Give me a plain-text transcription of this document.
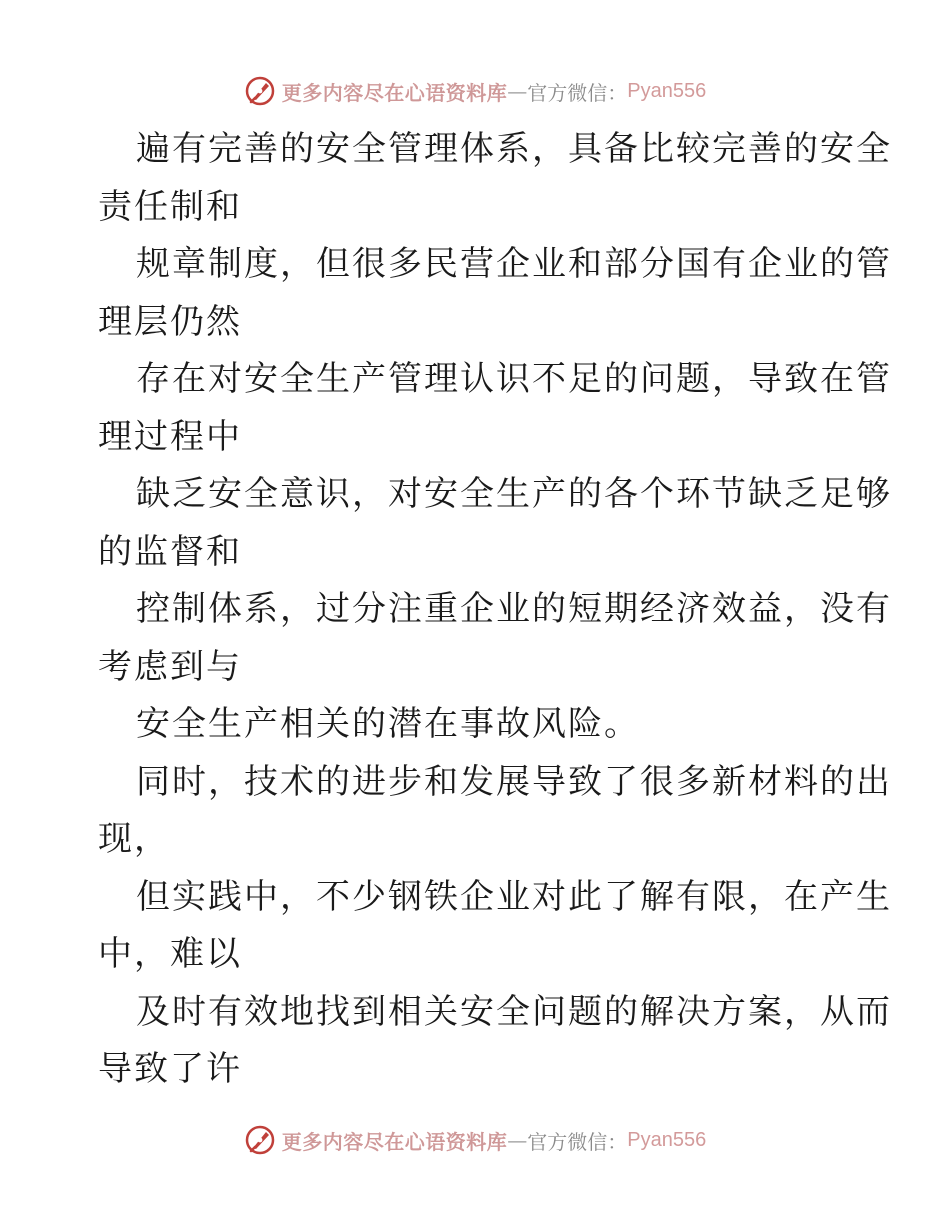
更多内容尽在心语资料库 — 官方微信： Pyan556
遍有完善的安全管理体系，具备比较完善的安全
责任制和
规章制度，但很多民营企业和部分国有企业的管
理层仍然
存在对安全生产管理认识不足的问题，导致在管
理过程中
缺乏安全意识，对安全生产的各个环节缺乏足够
的监督和
控制体系，过分注重企业的短期经济效益，没有
考虑到与
安全生产相关的潜在事故风险。
同时，技术的进步和发展导致了很多新材料的出
现，
但实践中，不少钢铁企业对此了解有限，在产生
中，难以
及时有效地找到相关安全问题的解决方案，从而
导致了许
更多内容尽在心语资料库 — 官方微信： Pyan556
